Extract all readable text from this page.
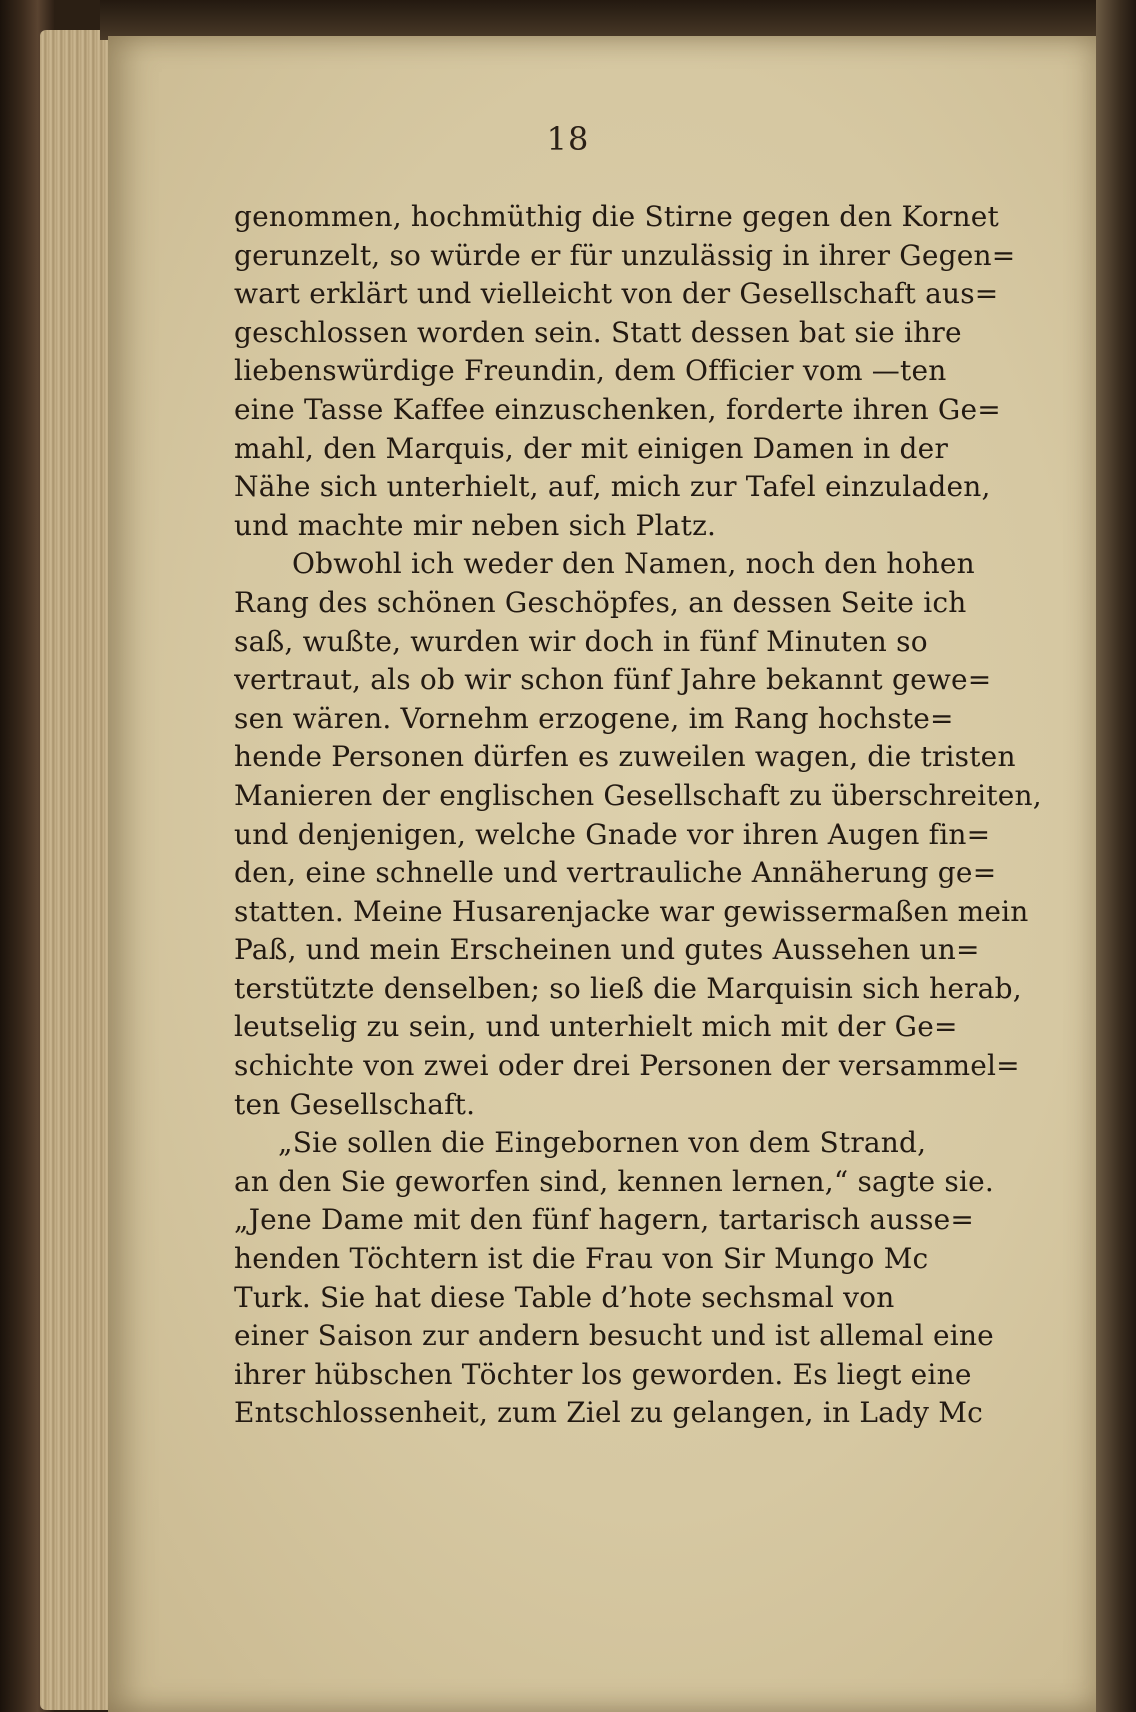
18
genommen, hochmüthig die Stirne gegen den Kornet
gerunzelt, so würde er für unzulässig in ihrer Gegen=
wart erklärt und vielleicht von der Gesellschaft aus=
geschlossen worden sein. Statt dessen bat sie ihre
liebenswürdige Freundin, dem Officier vom —ten
eine Tasse Kaffee einzuschenken, forderte ihren Ge=
mahl, den Marquis, der mit einigen Damen in der
Nähe sich unterhielt, auf, mich zur Tafel einzuladen,
und machte mir neben sich Platz.
Obwohl ich weder den Namen, noch den hohen
Rang des schönen Geschöpfes, an dessen Seite ich
saß, wußte, wurden wir doch in fünf Minuten so
vertraut, als ob wir schon fünf Jahre bekannt gewe=
sen wären. Vornehm erzogene, im Rang hochste=
hende Personen dürfen es zuweilen wagen, die tristen
Manieren der englischen Gesellschaft zu überschreiten,
und denjenigen, welche Gnade vor ihren Augen fin=
den, eine schnelle und vertrauliche Annäherung ge=
statten. Meine Husarenjacke war gewissermaßen mein
Paß, und mein Erscheinen und gutes Aussehen un=
terstützte denselben; so ließ die Marquisin sich herab,
leutselig zu sein, und unterhielt mich mit der Ge=
schichte von zwei oder drei Personen der versammel=
ten Gesellschaft.
„Sie sollen die Eingebornen von dem Strand,
an den Sie geworfen sind, kennen lernen,“ sagte sie.
„Jene Dame mit den fünf hagern, tartarisch ausse=
henden Töchtern ist die Frau von Sir Mungo Mc
Turk. Sie hat diese Table d’hote sechsmal von
einer Saison zur andern besucht und ist allemal eine
ihrer hübschen Töchter los geworden. Es liegt eine
Entschlossenheit, zum Ziel zu gelangen, in Lady Mc
